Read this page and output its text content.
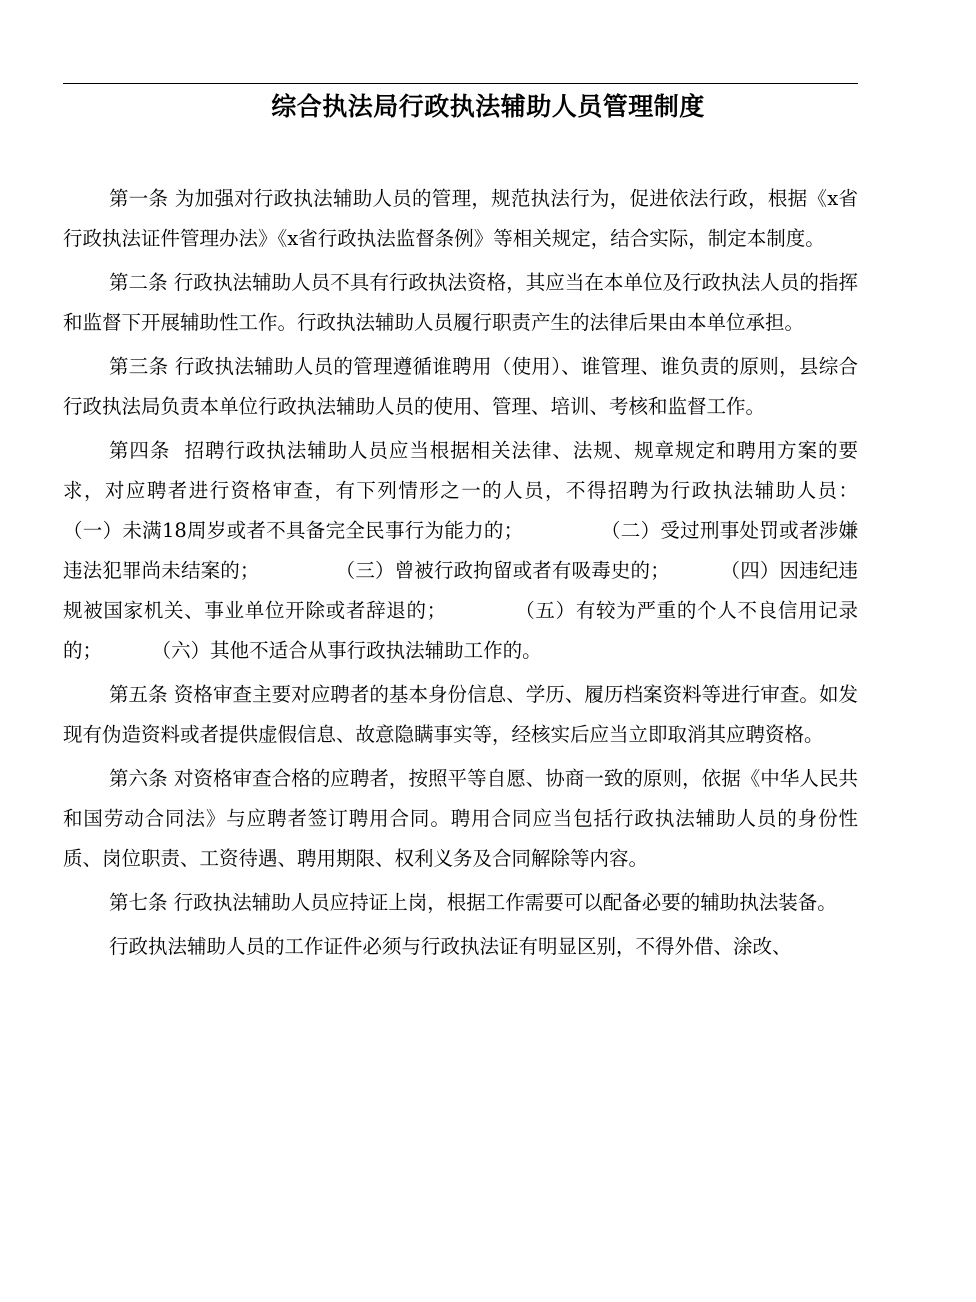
综合执法局行政执法辅助人员管理制度

第一条 为加强对行政执法辅助人员的管理，规范执法行为，促进依法行政，根据《x省行政执法证件管理办法》《x省行政执法监督条例》等相关规定，结合实际，制定本制度。

第二条 行政执法辅助人员不具有行政执法资格，其应当在本单位及行政执法人员的指挥和监督下开展辅助性工作。行政执法辅助人员履行职责产生的法律后果由本单位承担。

第三条 行政执法辅助人员的管理遵循谁聘用（使用）、谁管理、谁负责的原则，县综合行政执法局负责本单位行政执法辅助人员的使用、管理、培训、考核和监督工作。

第四条  招聘行政执法辅助人员应当根据相关法律、法规、规章规定和聘用方案的要求，对应聘者进行资格审查，有下列情形之一的人员，不得招聘为行政执法辅助人员：            （一）未满18周岁或者不具备完全民事行为能力的；            （二）受过刑事处罚或者涉嫌违法犯罪尚未结案的；            （三）曾被行政拘留或者有吸毒史的；        （四）因违纪违规被国家机关、事业单位开除或者辞退的；          （五）有较为严重的个人不良信用记录的；        （六）其他不适合从事行政执法辅助工作的。

第五条 资格审查主要对应聘者的基本身份信息、学历、履历档案资料等进行审查。如发现有伪造资料或者提供虚假信息、故意隐瞒事实等，经核实后应当立即取消其应聘资格。

第六条 对资格审查合格的应聘者，按照平等自愿、协商一致的原则，依据《中华人民共和国劳动合同法》与应聘者签订聘用合同。聘用合同应当包括行政执法辅助人员的身份性质、岗位职责、工资待遇、聘用期限、权利义务及合同解除等内容。

第七条 行政执法辅助人员应持证上岗，根据工作需要可以配备必要的辅助执法装备。

行政执法辅助人员的工作证件必须与行政执法证有明显区别，不得外借、涂改、
